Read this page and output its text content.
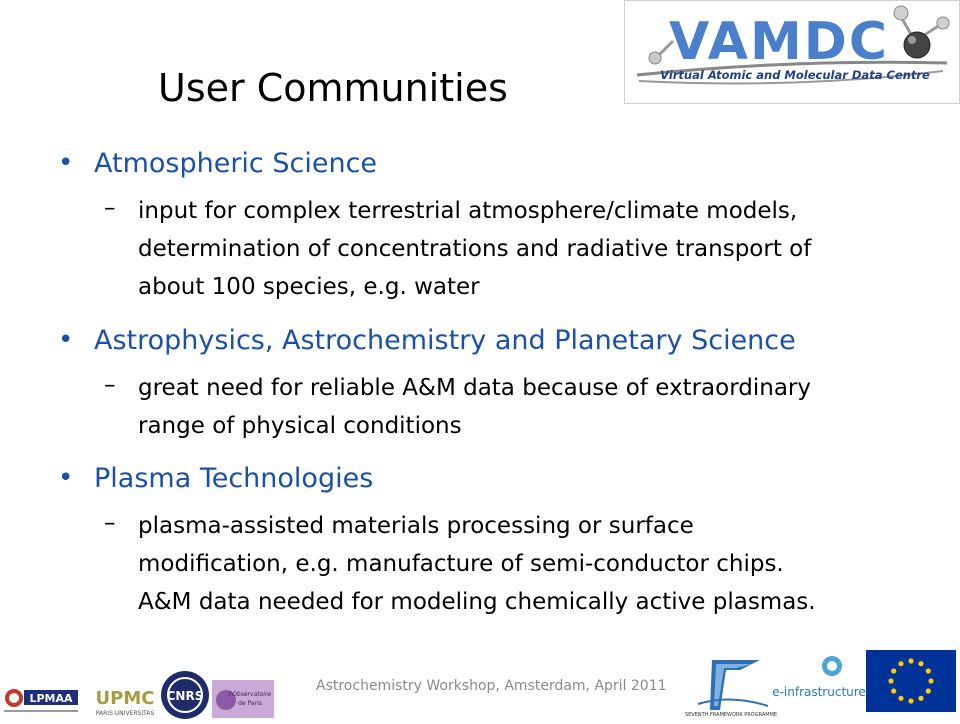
VAMDC
Virtual Atomic and Molecular Data Centre
User Communities
• Atmospheric Science
– input for complex terrestrial atmosphere/climate models,
determination of concentrations and radiative transport of
about 100 species, e.g. water
• Astrophysics, Astrochemistry and Planetary Science
– great need for reliable A&M data because of extraordinary
range of physical conditions
• Plasma Technologies
– plasma-assisted materials processing or surface
modification, e.g. manufacture of semi-conductor chips.
A&M data needed for modeling chemically active plasmas.
LPMAA UPMC
PARIS UNIVERSITAS
CNRS	l'Observatoire
de Paris
Astrochemistry Workshop, Amsterdam, April 2011
SEVENTH FRAMEWORK PROGRAMME
e-infrastructure
